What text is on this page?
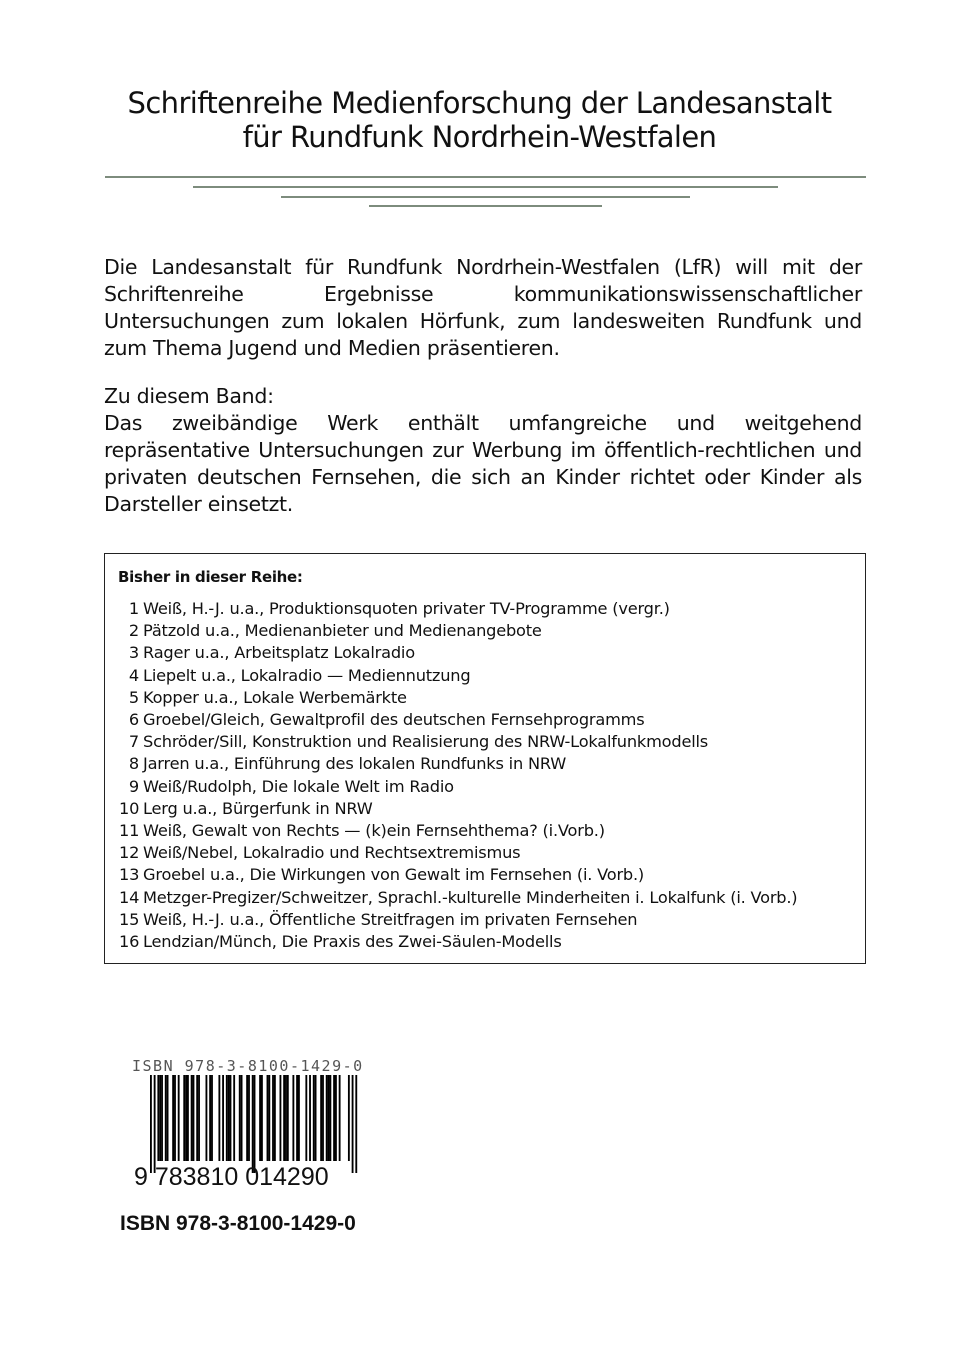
Schriftenreihe Medienforschung der Landesanstalt
für Rundfunk Nordrhein-Westfalen

Die Landesanstalt für Rundfunk Nordrhein-Westfalen (LfR) will mit der Schriftenreihe Ergebnisse kommunikationswissenschaftlicher Untersuchungen zum lokalen Hörfunk, zum landesweiten Rundfunk und zum Thema Jugend und Medien präsentieren.

Zu diesem Band:

Das zweibändige Werk enthält umfangreiche und weitgehend repräsentative Untersuchungen zur Werbung im öffentlich-rechtlichen und privaten deutschen Fernsehen, die sich an Kinder richtet oder Kinder als Darsteller einsetzt.

Bisher in dieser Reihe:
1 Weiß, H.-J. u.a., Produktionsquoten privater TV-Programme (vergr.)
2 Pätzold u.a., Medienanbieter und Medienangebote
3 Rager u.a., Arbeitsplatz Lokalradio
4 Liepelt u.a., Lokalradio — Mediennutzung
5 Kopper u.a., Lokale Werbemärkte
6 Groebel/Gleich, Gewaltprofil des deutschen Fernsehprogramms
7 Schröder/Sill, Konstruktion und Realisierung des NRW-Lokalfunkmodells
8 Jarren u.a., Einführung des lokalen Rundfunks in NRW
9 Weiß/Rudolph, Die lokale Welt im Radio
10 Lerg u.a., Bürgerfunk in NRW
11 Weiß, Gewalt von Rechts — (k)ein Fernsehthema? (i.Vorb.)
12 Weiß/Nebel, Lokalradio und Rechtsextremismus
13 Groebel u.a., Die Wirkungen von Gewalt im Fernsehen (i. Vorb.)
14 Metzger-Pregizer/Schweitzer, Sprachl.-kulturelle Minderheiten i. Lokalfunk (i. Vorb.)
15 Weiß, H.-J. u.a., Öffentliche Streitfragen im privaten Fernsehen
16 Lendzian/Münch, Die Praxis des Zwei-Säulen-Modells
ISBN 978-3-8100-1429-0
9 783810 014290
ISBN 978-3-8100-1429-0
